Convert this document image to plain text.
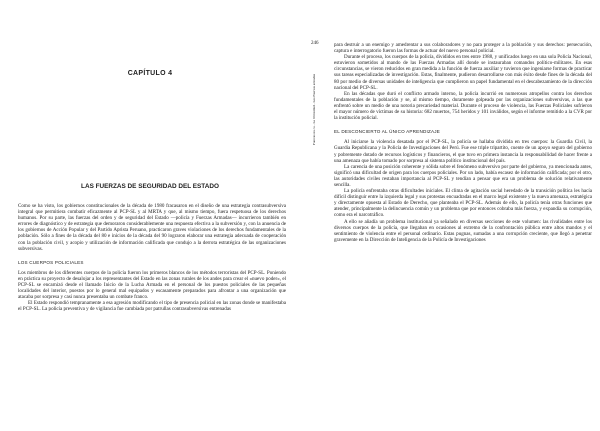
CAPÍTULO 4
LAS FUERZAS DE SEGURIDAD DEL ESTADO

Como se ha visto, los gobiernos constitucionales de la década de 1980 fracasaron en el diseño de una estrategia contrasubversiva integral que permitiera combatir eficazmente al PCP-SL y al MRTA y que, al mismo tiempo, fuera respetuosa de los derechos humanos. Por su parte, las fuerzas del orden y de seguridad del Estado —policía y Fuerzas Armadas— incurrieron también en errores de diagnóstico y de estrategia que demoraron considerablemente una respuesta efectiva a la subversión y, con la anuencia de los gobiernos de Acción Popular y del Partido Aprista Peruano, practicaron graves violaciones de los derechos fundamentales de la población. Sólo a fines de la década del 80 e inicios de la década del 90 lograron elaborar una estrategia adecuada de cooperación con la población civil, y acopio y utilización de información calificada que condujo a la derrota estratégica de las organizaciones subversivas.

LOS CUERPOS POLICIALES

Los miembros de los diferentes cuerpos de la policía fueron los primeros blancos de los métodos terroristas del PCP-SL. Poniendo en práctica su proyecto de desalojar a los representantes del Estado en las zonas rurales de los andes para crear el «nuevo poder», el PCP-SL se encarnizó desde el llamado Inicio de la Lucha Armada en el personal de los puestos policiales de las pequeñas localidades del interior, puestos por lo general mal equipados y escasamente preparados para afrontar a una organización que atacaba por sorpresa y casi nunca presentaba un combate franco.

El Estado respondió tempranamente a esa agresión modificando el tipo de presencia policial en las zonas donde se manifestaba el PCP-SL. La policía preventiva y de vigilancia fue cambiada por patrullas contrasubversivas entrenadas

246
Fuerzas no ca - La Ultimidad - Los Fuerzas armadas

para destruir a un enemigo y amedrentar a sus colaboradores y no para proteger a la población y sus derechos: persecución, captura e interrogatorio fueron las formas de actuar del nuevo personal policial.

Durante el proceso, los cuerpos de la policía, divididos en tres entre 1988, y unificados luego en una sola Policía Nacional, estuvieron sometidos al mando de las Fuerzas Armadas allí donde se instauraban comandos político-militares. En esas circunstancias, se vieron reducidos en gran medida a la función de fuerza auxiliar y tuvieron que ingeniarse formas de practicar sus tareas especializadas de investigación. Estas, finalmente, pudieron desarrollarse con más éxito desde fines de la década del 80 por medio de diversas unidades de inteligencia que cumplieron un papel fundamental en el descabezamiento de la dirección nacional del PCP-SL.

En las décadas que duró el conflicto armado interno, la policía incurrió en numerosos atropellos contra los derechos fundamentales de la población y se, al mismo tiempo, duramente golpeada por las organizaciones subversivas, a las que enfrentó sobre un medio de una notoria precariedad material. Durante el proceso de violencia, las Fuerzas Policiales sufrieron el mayor número de víctimas de su historia: 682 muertos, 754 heridos y 101 inválidos, según el informe remitido a la CVR por la institución policial.

EL DESCONCIERTO AL ÚNICO APRENDIZAJE

Al iniciarse la violencia desatada por el PCP-SL, la policía se hallaba dividida en tres cuerpos: la Guardia Civil, la Guardia Republicana y la Policía de Investigaciones del Perú. Fue ese triple tripartito, cuente de un apoyo seguro del gobierno y pobremente dotado de recursos logísticos y financieros, el que tuvo en primera instancia la responsabilidad de hacer frente a una amenaza que había tomado por sorpresa al sistema político institucional del país.

La carencia de una posición coherente y sólida sobre el fenómeno subversivo por parte del gobierno, ya mencionada antes, significó una dificultad de origen para los cuerpos policiales. Por un lado, había escasez de información calificada; por el otro, las autoridades civiles restaban importancia al PCP-SL y tendían a pensar que era un problema de solución relativamente sencilla.

La policía enfrentaba otras dificultades iniciales. El clima de agitación social heredado de la transición política les hacía difícil distinguir entre la izquierda legal y sus protestas encuadradas en el marco legal existente y la nueva amenaza, estratégica y directamente opuesta al Estado de Derecho, que planteaba el PCP-SL. Además de ello, la policía tenía otras funciones que atender, principalmente la delincuencia común y un problema que por entonces cobraba más fuerza, y expandía su corrupción, como era el narcotráfico.

A ello se añadía un problema institucional ya señalado en diversas secciones de este volumen: las rivalidades entre los diversos cuerpos de la policía, que llegaban en ocasiones al extremo de la confrontación pública entre altos mandos y el sentimiento de violencia entre el personal ordinario. Estas pugnas, sumadas a una corrupción creciente, que llegó a penetrar gravemente en la Dirección de Inteligencia de la Policía de Investigaciones
